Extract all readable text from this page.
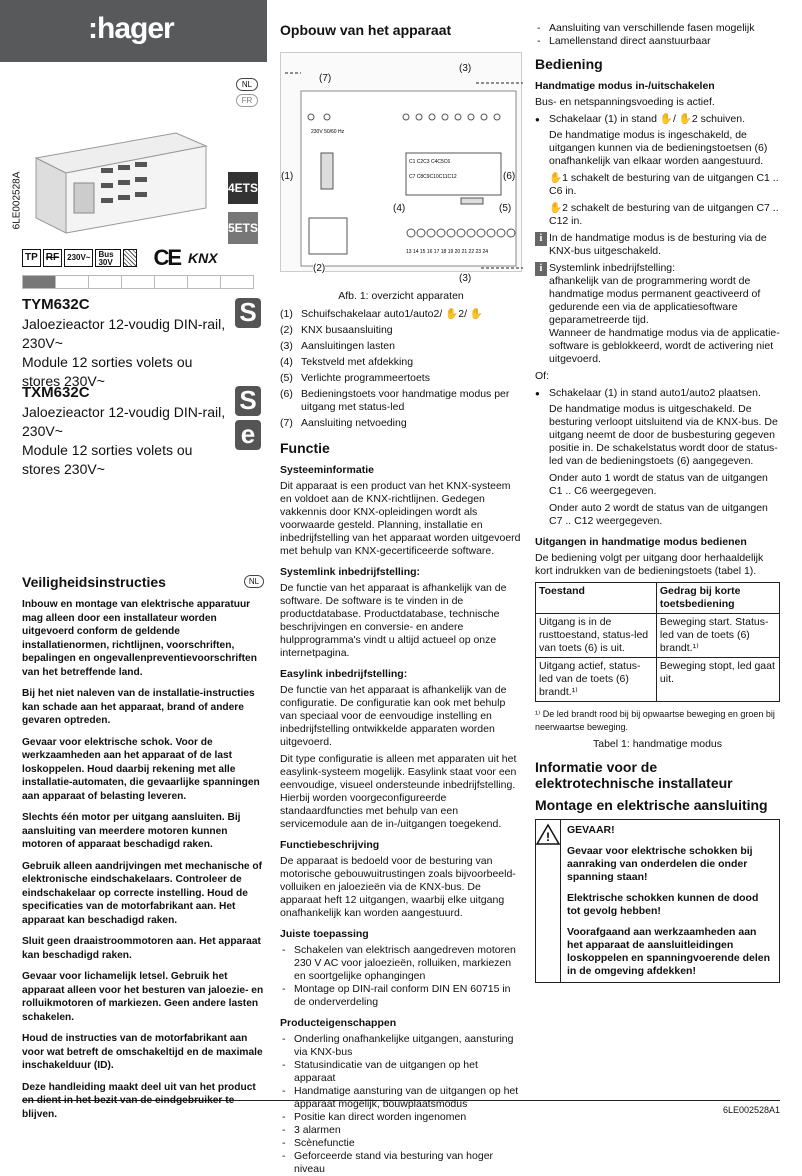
:hager
NL
FR
6LE002528A	4ETS
5ETS
TP RF	230V~	Bus 30V	CE KNX
TYM632C

Jaloezieactor 12-voudig DIN-rail,

230V~

Module 12 sorties volets ou

stores 230V~

TXM632C

Jaloezieactor 12-voudig DIN-rail,

230V~

Module 12 sorties volets ou

stores 230V~

S
S
e
Veiligheidsinstructies	NL

Inbouw en montage van elektrische apparatuur mag alleen door een installateur worden uitgevoerd conform de geldende installatienormen, richtlijnen, voorschriften, bepalingen en ongevallenpreventievoorschriften van het betreffende land.

Bij het niet naleven van de installatie-instructies kan schade aan het apparaat, brand of andere gevaren optreden.

Gevaar voor elektrische schok. Voor de werkzaamheden aan het apparaat of de last loskoppelen. Houd daarbij rekening met alle installatie-automaten, die gevaarlijke spanningen aan apparaat of belasting leveren.

Slechts één motor per uitgang aansluiten. Bij aansluiting van meerdere motoren kunnen motoren of apparaat beschadigd raken.

Gebruik alleen aandrijvingen met mechanische of elektronische eindschakelaars. Controleer de eindschakelaar op correcte instelling. Houd de specificaties van de motorfabrikant aan. Het apparaat kan beschadigd raken.

Sluit geen draaistroommotoren aan. Het apparaat kan beschadigd raken.

Gevaar voor lichamelijk letsel. Gebruik het apparaat alleen voor het besturen van jaloezie- en rolluikmotoren of markiezen. Geen andere lasten schakelen.

Houd de instructies van de motorfabrikant aan voor wat betreft de omschakeltijd en de maximale inschakelduur (ID).

Deze handleiding maakt deel uit van het product en dient in het bezit van de eindgebruiker te blijven.

Opbouw van het apparaat
230V 50/60 Hz
C1 C2C3 C4C5C6
C7 C8C9C10C11C12
13 14 15 16 17 18 19 20 21 22 23 24
(7)
(3)
(1)	(6)
(4)	(5)
(2)
(3)
Afb. 1: overzicht apparaten
(1) Schuifschakelaar auto1/auto2/ ✋2/ ✋
(2) KNX busaansluiting
(3) Aansluitingen lasten
(4) Tekstveld met afdekking
(5) Verlichte programmeertoets
(6) Bedieningstoets voor handmatige modus per uitgang met status-led
(7) Aansluiting netvoeding
Functie
Systeeminformatie

Dit apparaat is een product van het KNX-systeem en voldoet aan de KNX-richtlijnen. Gedegen vakkennis door KNX-opleidingen wordt als voorwaarde gesteld. Planning, installatie en inbedrijfstelling van het apparaat worden uitgevoerd met behulp van KNX-gecertificeerde software.

Systemlink inbedrijfstelling:

De functie van het apparaat is afhankelijk van de software. De software is te vinden in de productdatabase. Productdatabase, technische beschrijvingen en conversie- en andere hulpprogramma's vindt u altijd actueel op onze internetpagina.

Easylink inbedrijfstelling:

De functie van het apparaat is afhankelijk van de configuratie. De configuratie kan ook met behulp van speciaal voor de eenvoudige instelling en inbedrijfstelling ontwikkelde apparaten worden uitgevoerd.

Dit type configuratie is alleen met apparaten uit het easylink-systeem mogelijk. Easylink staat voor een eenvoudige, visueel ondersteunde inbedrijfstelling. Hierbij worden voorgeconfigureerde standaardfuncties met behulp van een servicemodule aan de in-/uitgangen toegekend.

Functiebeschrijving

De apparaat is bedoeld voor de besturing van motorische gebouwuitrustingen zoals bijvoorbeeld-volluiken en jaloezieën via de KNX-bus. De apparaat heft 12 uitgangen, waarbij elke uitgang onafhankelijk kan worden aangestuurd.

Juiste toepassing
- Schakelen van elektrisch aangedreven motoren 230 V AC voor jaloezieën, rolluiken, markiezen en soortgelijke ophangingen
- Montage op DIN-rail conform DIN EN 60715 in de onderverdeling
Producteigenschappen
- Onderling onafhankelijke uitgangen, aansturing via KNX-bus
- Statusindicatie van de uitgangen op het apparaat
- Handmatige aansturing van de uitgangen op het apparaat mogelijk, bouwplaatsmodus
- Positie kan direct worden ingenomen
- 3 alarmen
- Scènefunctie
- Geforceerde stand via besturing van hoger niveau
- Aansluiting van verschillende fasen mogelijk
- Lamellenstand direct aanstuurbaar
Bediening
Handmatige modus in-/uitschakelen

Bus- en netspanningsvoeding is actief.

● Schakelaar (1) in stand ✋/ ✋2 schuiven.

De handmatige modus is ingeschakeld, de uitgangen kunnen via de bedieningstoetsen (6) onafhankelijk van elkaar worden aangestuurd.

✋1 schakelt de besturing van de uitgangen C1 .. C6 in.

✋2 schakelt de besturing van de uitgangen C7 .. C12 in.

i In de handmatige modus is de besturing via de KNX-bus uitgeschakeld.
i Systemlink inbedrijfstelling:
afhankelijk van de programmering wordt de handmatige modus permanent geactiveerd of gedurende een via de applicatiesoftware geparametreerde tijd.
Wanneer de handmatige modus via de applicatie-software is geblokkeerd, wordt de activering niet uitgevoerd.

Of:

● Schakelaar (1) in stand auto1/auto2 plaatsen.

De handmatige modus is uitgeschakeld. De besturing verloopt uitsluitend via de KNX-bus. De uitgang neemt de door de busbesturing gegeven positie in. De schakelstatus wordt door de status-led van de bedieningstoets (6) aangegeven.

Onder auto 1 wordt de status van de uitgangen C1 .. C6 weergegeven.

Onder auto 2 wordt de status van de uitgangen C7 .. C12 weergegeven.

Uitgangen in handmatige modus bedienen

De bediening volgt per uitgang door herhaaldelijk kort indrukken van de bedieningstoets (tabel 1).

Toestand	Gedrag bij korte toetsbediening
Uitgang is in de rusttoestand, status-led van toets (6) is uit.	Beweging start. Status-led van de toets (6) brandt.¹⁾
Uitgang actief, status-led van de toets (6) brandt.¹⁾	Beweging stopt, led gaat uit.

¹⁾ De led brandt rood bij bij opwaartse beweging en groen bij neerwaartse beweging.

Tabel 1: handmatige modus

Informatie voor de elektrotechnische installateur
Montage en elektrische aansluiting
! GEVAAR!

Gevaar voor elektrische schokken bij aanraking van onderdelen die onder spanning staan!

Elektrische schokken kunnen de dood tot gevolg hebben!

Voorafgaand aan werkzaamheden aan het apparaat de aansluitleidingen loskoppelen en spanningvoerende delen in de omgeving afdekken!

6LE002528A1
